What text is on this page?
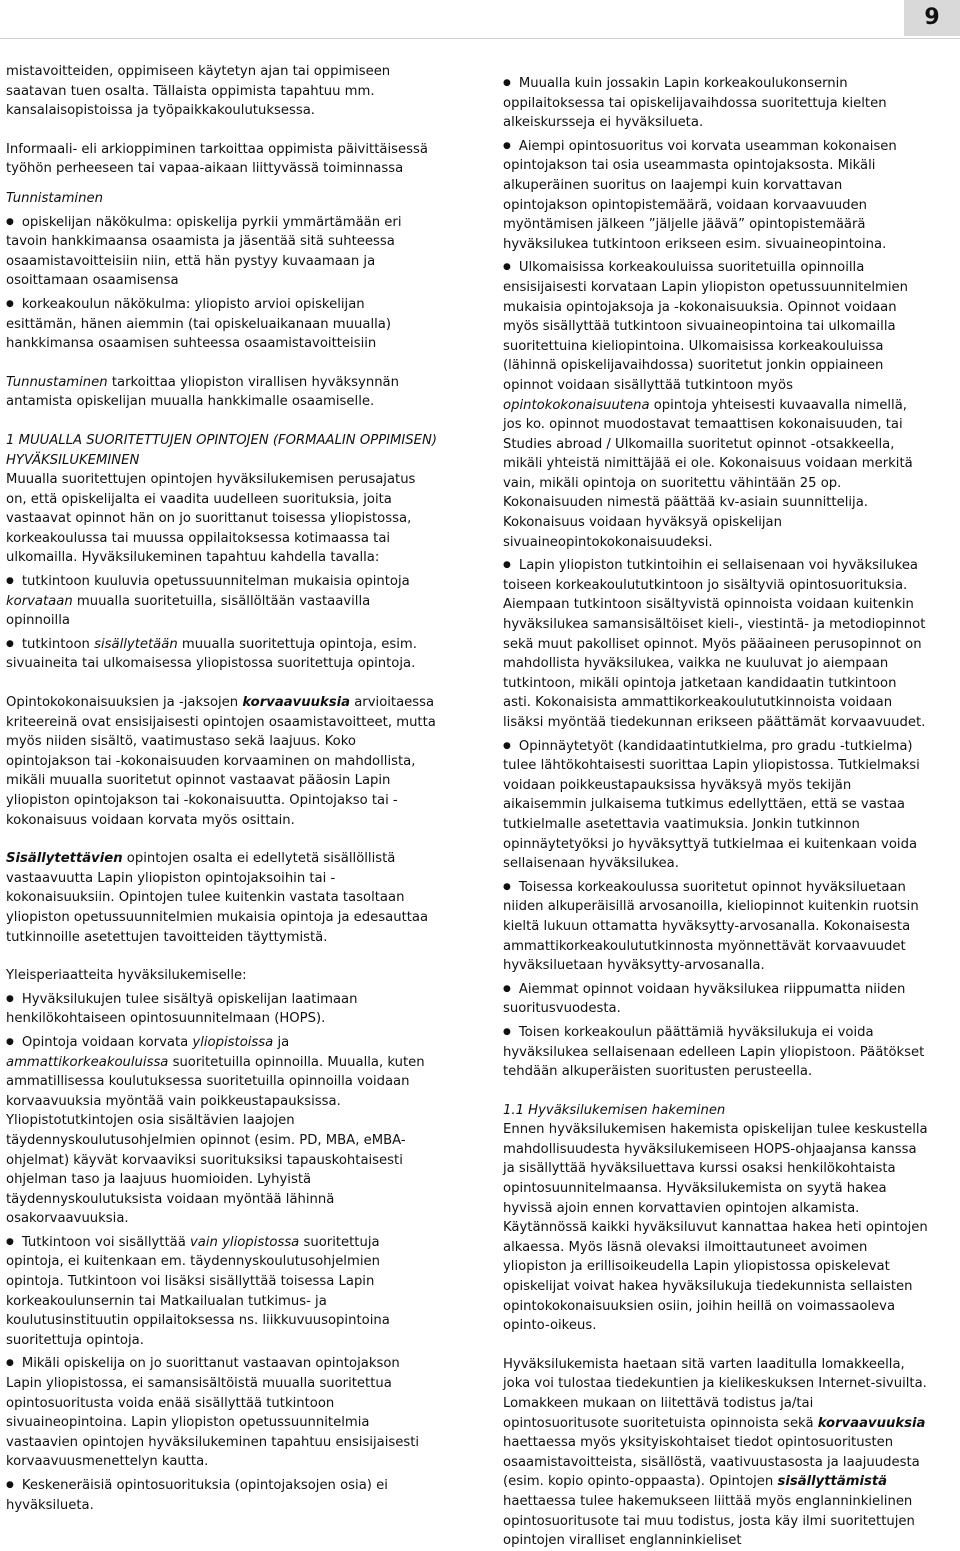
9

mistavoitteiden, oppimiseen käytetyn ajan tai oppimiseen saatavan tuen osalta. Tällaista oppimista tapahtuu mm. kansalaisopistoissa ja työpaikkakoulutuksessa.

Informaali- eli arkioppiminen tarkoittaa oppimista päivittäisessä työhön perheeseen tai vapaa-aikaan liittyvässä toiminnassa

Tunnistaminen

● opiskelijan näkökulma: opiskelija pyrkii ymmärtämään eri tavoin hankkimaansa osaamista ja jäsentää sitä suhteessa osaamistavoitteisiin niin, että hän pystyy kuvaamaan ja osoittamaan osaamisensa

● korkeakoulun näkökulma: yliopisto arvioi opiskelijan esittämän, hänen aiemmin (tai opiskeluaikanaan muualla) hankkimansa osaamisen suhteessa osaamistavoitteisiin

Tunnustaminen tarkoittaa yliopiston virallisen hyväksynnän antamista opiskelijan muualla hankkimalle osaamiselle.

1 MUUALLA SUORITETTUJEN OPINTOJEN (FORMAALIN OPPIMISEN) HYVÄKSILUKEMINEN

Muualla suoritettujen opintojen hyväksilukemisen perusajatus on, että opiskelijalta ei vaadita uudelleen suorituksia, joita vastaavat opinnot hän on jo suorittanut toisessa yliopistossa, korkeakoulussa tai muussa oppilaitoksessa kotimaassa tai ulkomailla. Hyväksilukeminen tapahtuu kahdella tavalla:

● tutkintoon kuuluvia opetussuunnitelman mukaisia opintoja korvataan muualla suoritetuilla, sisällöltään vastaavilla opinnoilla

● tutkintoon sisällytetään muualla suoritettuja opintoja, esim. sivuaineita tai ulkomaisessa yliopistossa suoritettuja opintoja.

Opintokokonaisuuksien ja -jaksojen korvaavuuksia arvioitaessa kriteereinä ovat ensisijaisesti opintojen osaamistavoitteet, mutta myös niiden sisältö, vaatimustaso sekä laajuus. Koko opintojakson tai -kokonaisuuden korvaaminen on mahdollista, mikäli muualla suoritetut opinnot vastaavat pääosin Lapin yliopiston opintojakson tai -kokonaisuutta. Opintojakso tai -kokonaisuus voidaan korvata myös osittain.

Sisällytettävien opintojen osalta ei edellytetä sisällöllistä vastaavuutta Lapin yliopiston opintojaksoihin tai -kokonaisuuksiin. Opintojen tulee kuitenkin vastata tasoltaan yliopiston opetussuunnitelmien mukaisia opintoja ja edesauttaa tutkinnoille asetettujen tavoitteiden täyttymistä.

Yleisperiaatteita hyväksilukemiselle:

● Hyväksilukujen tulee sisältyä opiskelijan laatimaan henkilökohtaiseen opintosuunnitelmaan (HOPS).

● Opintoja voidaan korvata yliopistoissa ja ammattikorkeakouluissa suoritetuilla opinnoilla. Muualla, kuten ammatillisessa koulutuksessa suoritetuilla opinnoilla voidaan korvaavuuksia myöntää vain poikkeustapauksissa. Yliopistotutkintojen osia sisältävien laajojen täydennyskoulutusohjelmien opinnot (esim. PD, MBA, eMBA-ohjelmat) käyvät korvaaviksi suorituksiksi tapauskohtaisesti ohjelman taso ja laajuus huomioiden. Lyhyistä täydennyskoulutuksista voidaan myöntää lähinnä osakorvaavuuksia.

● Tutkintoon voi sisällyttää vain yliopistossa suoritettuja opintoja, ei kuitenkaan em. täydennyskoulutusohjelmien opintoja. Tutkintoon voi lisäksi sisällyttää toisessa Lapin korkeakoulunsernin tai Matkailualan tutkimus- ja koulutusinstituutin oppilaitoksessa ns. liikkuvuusopintoina suoritettuja opintoja.

● Mikäli opiskelija on jo suorittanut vastaavan opintojakson Lapin yliopistossa, ei samansisältöistä muualla suoritettua opintosuoritusta voida enää sisällyttää tutkintoon sivuaineopintoina. Lapin yliopiston opetussuunnitelmia vastaavien opintojen hyväksilukeminen tapahtuu ensisijaisesti korvaavuusmenettelyn kautta.

● Keskeneräisiä opintosuorituksia (opintojaksojen osia) ei hyväksilueta.

● Muualla kuin jossakin Lapin korkeakoulukonsernin oppilaitoksessa tai opiskelijavaihdossa suoritettuja kielten alkeiskursseja ei hyväksilueta.

● Aiempi opintosuoritus voi korvata useamman kokonaisen opintojakson tai osia useammasta opintojaksosta. Mikäli alkuperäinen suoritus on laajempi kuin korvattavan opintojakson opintopistemäärä, voidaan korvaavuuden myöntämisen jälkeen ”jäljelle jäävä” opintopistemäärä hyväksilukea tutkintoon erikseen esim. sivuaineopintoina.

● Ulkomaisissa korkeakouluissa suoritetuilla opinnoilla ensisijaisesti korvataan Lapin yliopiston opetussuunnitelmien mukaisia opintojaksoja ja -kokonaisuuksia. Opinnot voidaan myös sisällyttää tutkintoon sivuaineopintoina tai ulkomailla suoritettuina kieliopintoina. Ulkomaisissa korkeakouluissa (lähinnä opiskelijavaihdossa) suoritetut jonkin oppiaineen opinnot voidaan sisällyttää tutkintoon myös opintokokonaisuutena opintoja yhteisesti kuvaavalla nimellä, jos ko. opinnot muodostavat temaattisen kokonaisuuden, tai Studies abroad / Ulkomailla suoritetut opinnot -otsakkeella, mikäli yhteistä nimittäjää ei ole. Kokonaisuus voidaan merkitä vain, mikäli opintoja on suoritettu vähintään 25 op. Kokonaisuuden nimestä päättää kv-asiain suunnittelija. Kokonaisuus voidaan hyväksyä opiskelijan sivuaineopintokokonaisuudeksi.

● Lapin yliopiston tutkintoihin ei sellaisenaan voi hyväksilukea toiseen korkeakoulututkintoon jo sisältyviä opintosuorituksia. Aiempaan tutkintoon sisältyvistä opinnoista voidaan kuitenkin hyväksilukea samansisältöiset kieli-, viestintä- ja metodiopinnot sekä muut pakolliset opinnot. Myös pääaineen perusopinnot on mahdollista hyväksilukea, vaikka ne kuuluvat jo aiempaan tutkintoon, mikäli opintoja jatketaan kandidaatin tutkintoon asti. Kokonaisista ammattikorkeakoulututkinnoista voidaan lisäksi myöntää tiedekunnan erikseen päättämät korvaavuudet.

● Opinnäytetyöt (kandidaatintutkielma, pro gradu -tutkielma) tulee lähtökohtaisesti suorittaa Lapin yliopistossa. Tutkielmaksi voidaan poikkeustapauksissa hyväksyä myös tekijän aikaisemmin julkaisema tutkimus edellyttäen, että se vastaa tutkielmalle asetettavia vaatimuksia. Jonkin tutkinnon opinnäytetyöksi jo hyväksyttyä tutkielmaa ei kuitenkaan voida sellaisenaan hyväksilukea.

● Toisessa korkeakoulussa suoritetut opinnot hyväksiluetaan niiden alkuperäisillä arvosanoilla, kieliopinnot kuitenkin ruotsin kieltä lukuun ottamatta hyväksytty-arvosanalla. Kokonaisesta ammattikorkeakoulututkinnosta myönnettävät korvaavuudet hyväksiluetaan hyväksytty-arvosanalla.

● Aiemmat opinnot voidaan hyväksilukea riippumatta niiden suoritusvuodesta.

● Toisen korkeakoulun päättämiä hyväksilukuja ei voida hyväksilukea sellaisenaan edelleen Lapin yliopistoon. Päätökset tehdään alkuperäisten suoritusten perusteella.

1.1 Hyväksilukemisen hakeminen

Ennen hyväksilukemisen hakemista opiskelijan tulee keskustella mahdollisuudesta hyväksilukemiseen HOPS-ohjaajansa kanssa ja sisällyttää hyväksiluettava kurssi osaksi henkilökohtaista opintosuunnitelmaansa. Hyväksilukemista on syytä hakea hyvissä ajoin ennen korvattavien opintojen alkamista. Käytännössä kaikki hyväksiluvut kannattaa hakea heti opintojen alkaessa. Myös läsnä olevaksi ilmoittautuneet avoimen yliopiston ja erillisoikeudella Lapin yliopistossa opiskelevat opiskelijat voivat hakea hyväksilukuja tiedekunnista sellaisten opintokokonaisuuksien osiin, joihin heillä on voimassaoleva opinto-oikeus.

Hyväksilukemista haetaan sitä varten laaditulla lomakkeella, joka voi tulostaa tiedekuntien ja kielikeskuksen Internet-sivuilta. Lomakkeen mukaan on liitettävä todistus ja/tai opintosuoritusote suoritetuista opinnoista sekä korvaavuuksia haettaessa myös yksityiskohtaiset tiedot opintosuoritusten osaamistavoitteista, sisällöstä, vaativuustasosta ja laajuudesta (esim. kopio opinto-oppaasta). Opintojen sisällyttämistä haettaessa tulee hakemukseen liittää myös englanninkielinen opintosuoritusote tai muu todistus, josta käy ilmi suoritettujen opintojen viralliset englanninkieliset
